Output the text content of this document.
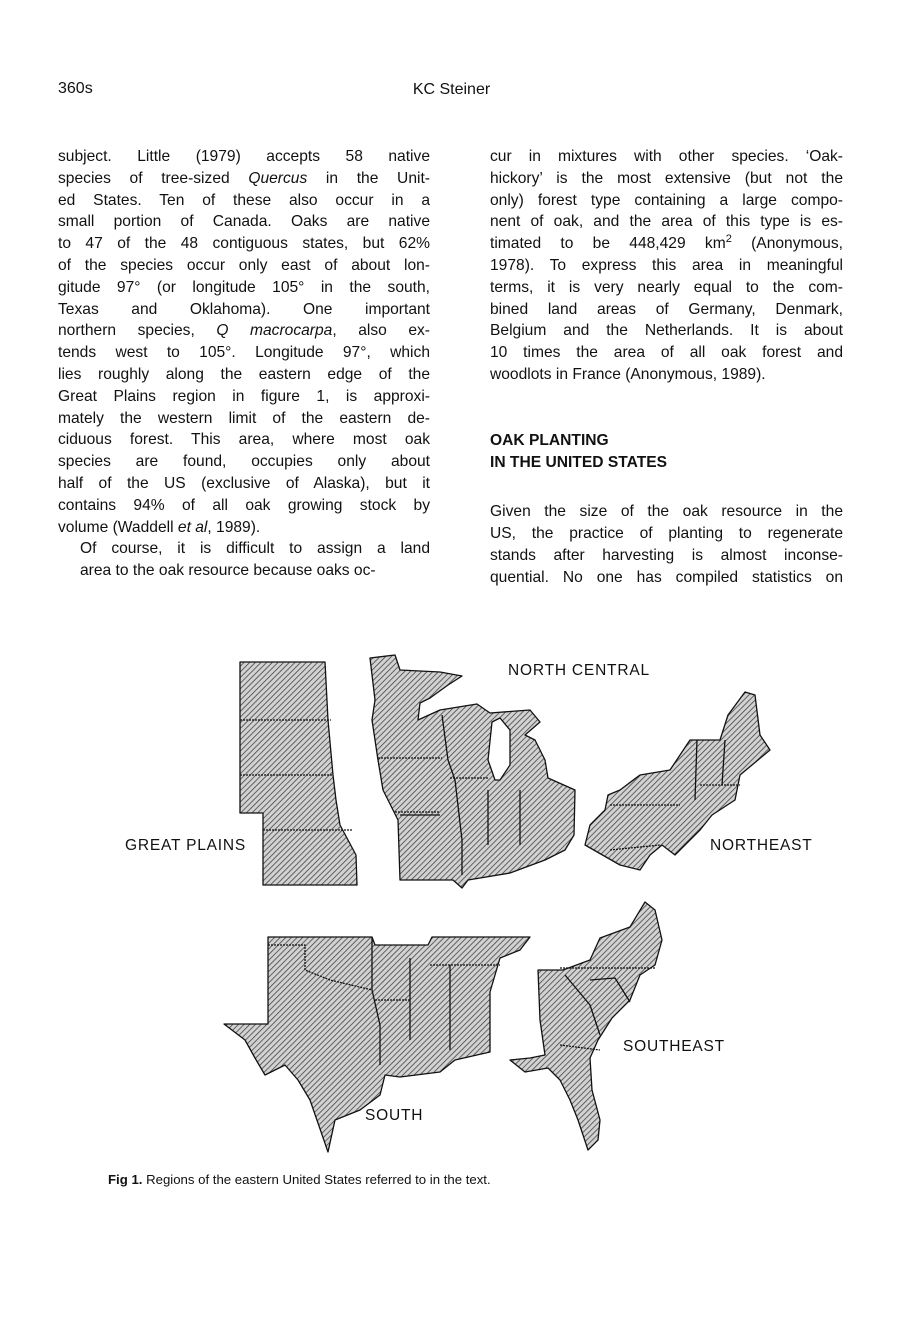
360s	KC Steiner

subject. Little (1979) accepts 58 native
species of tree-sized Quercus in the Unit-
ed States. Ten of these also occur in a
small portion of Canada. Oaks are native
to 47 of the 48 contiguous states, but 62%
of the species occur only east of about lon-
gitude 97° (or longitude 105° in the south,
Texas and Oklahoma). One important
northern species, Q macrocarpa, also ex-
tends west to 105°. Longitude 97°, which
lies roughly along the eastern edge of the
Great Plains region in figure 1, is approxi-
mately the western limit of the eastern de-
ciduous forest. This area, where most oak
species are found, occupies only about
half of the US (exclusive of Alaska), but it
contains 94% of all oak growing stock by
volume (Waddell et al, 1989).

Of course, it is difficult to assign a land
area to the oak resource because oaks oc-

cur in mixtures with other species. ‘Oak-
hickory’ is the most extensive (but not the
only) forest type containing a large compo-
nent of oak, and the area of this type is es-
timated to be 448,429 $km^2$ (Anonymous,
1978). To express this area in meaningful
terms, it is very nearly equal to the com-
bined land areas of Germany, Denmark,
Belgium and the Netherlands. It is about
10 times the area of all oak forest and
woodlots in France (Anonymous, 1989).

OAK PLANTING
IN THE UNITED STATES

Given the size of the oak resource in the
US, the practice of planting to regenerate
stands after harvesting is almost inconse-
quential. No one has compiled statistics on

NORTH CENTRAL
GREAT PLAINS	NORTHEAST
SOUTHEAST
SOUTH
Fig 1. Regions of the eastern United States referred to in the text.
